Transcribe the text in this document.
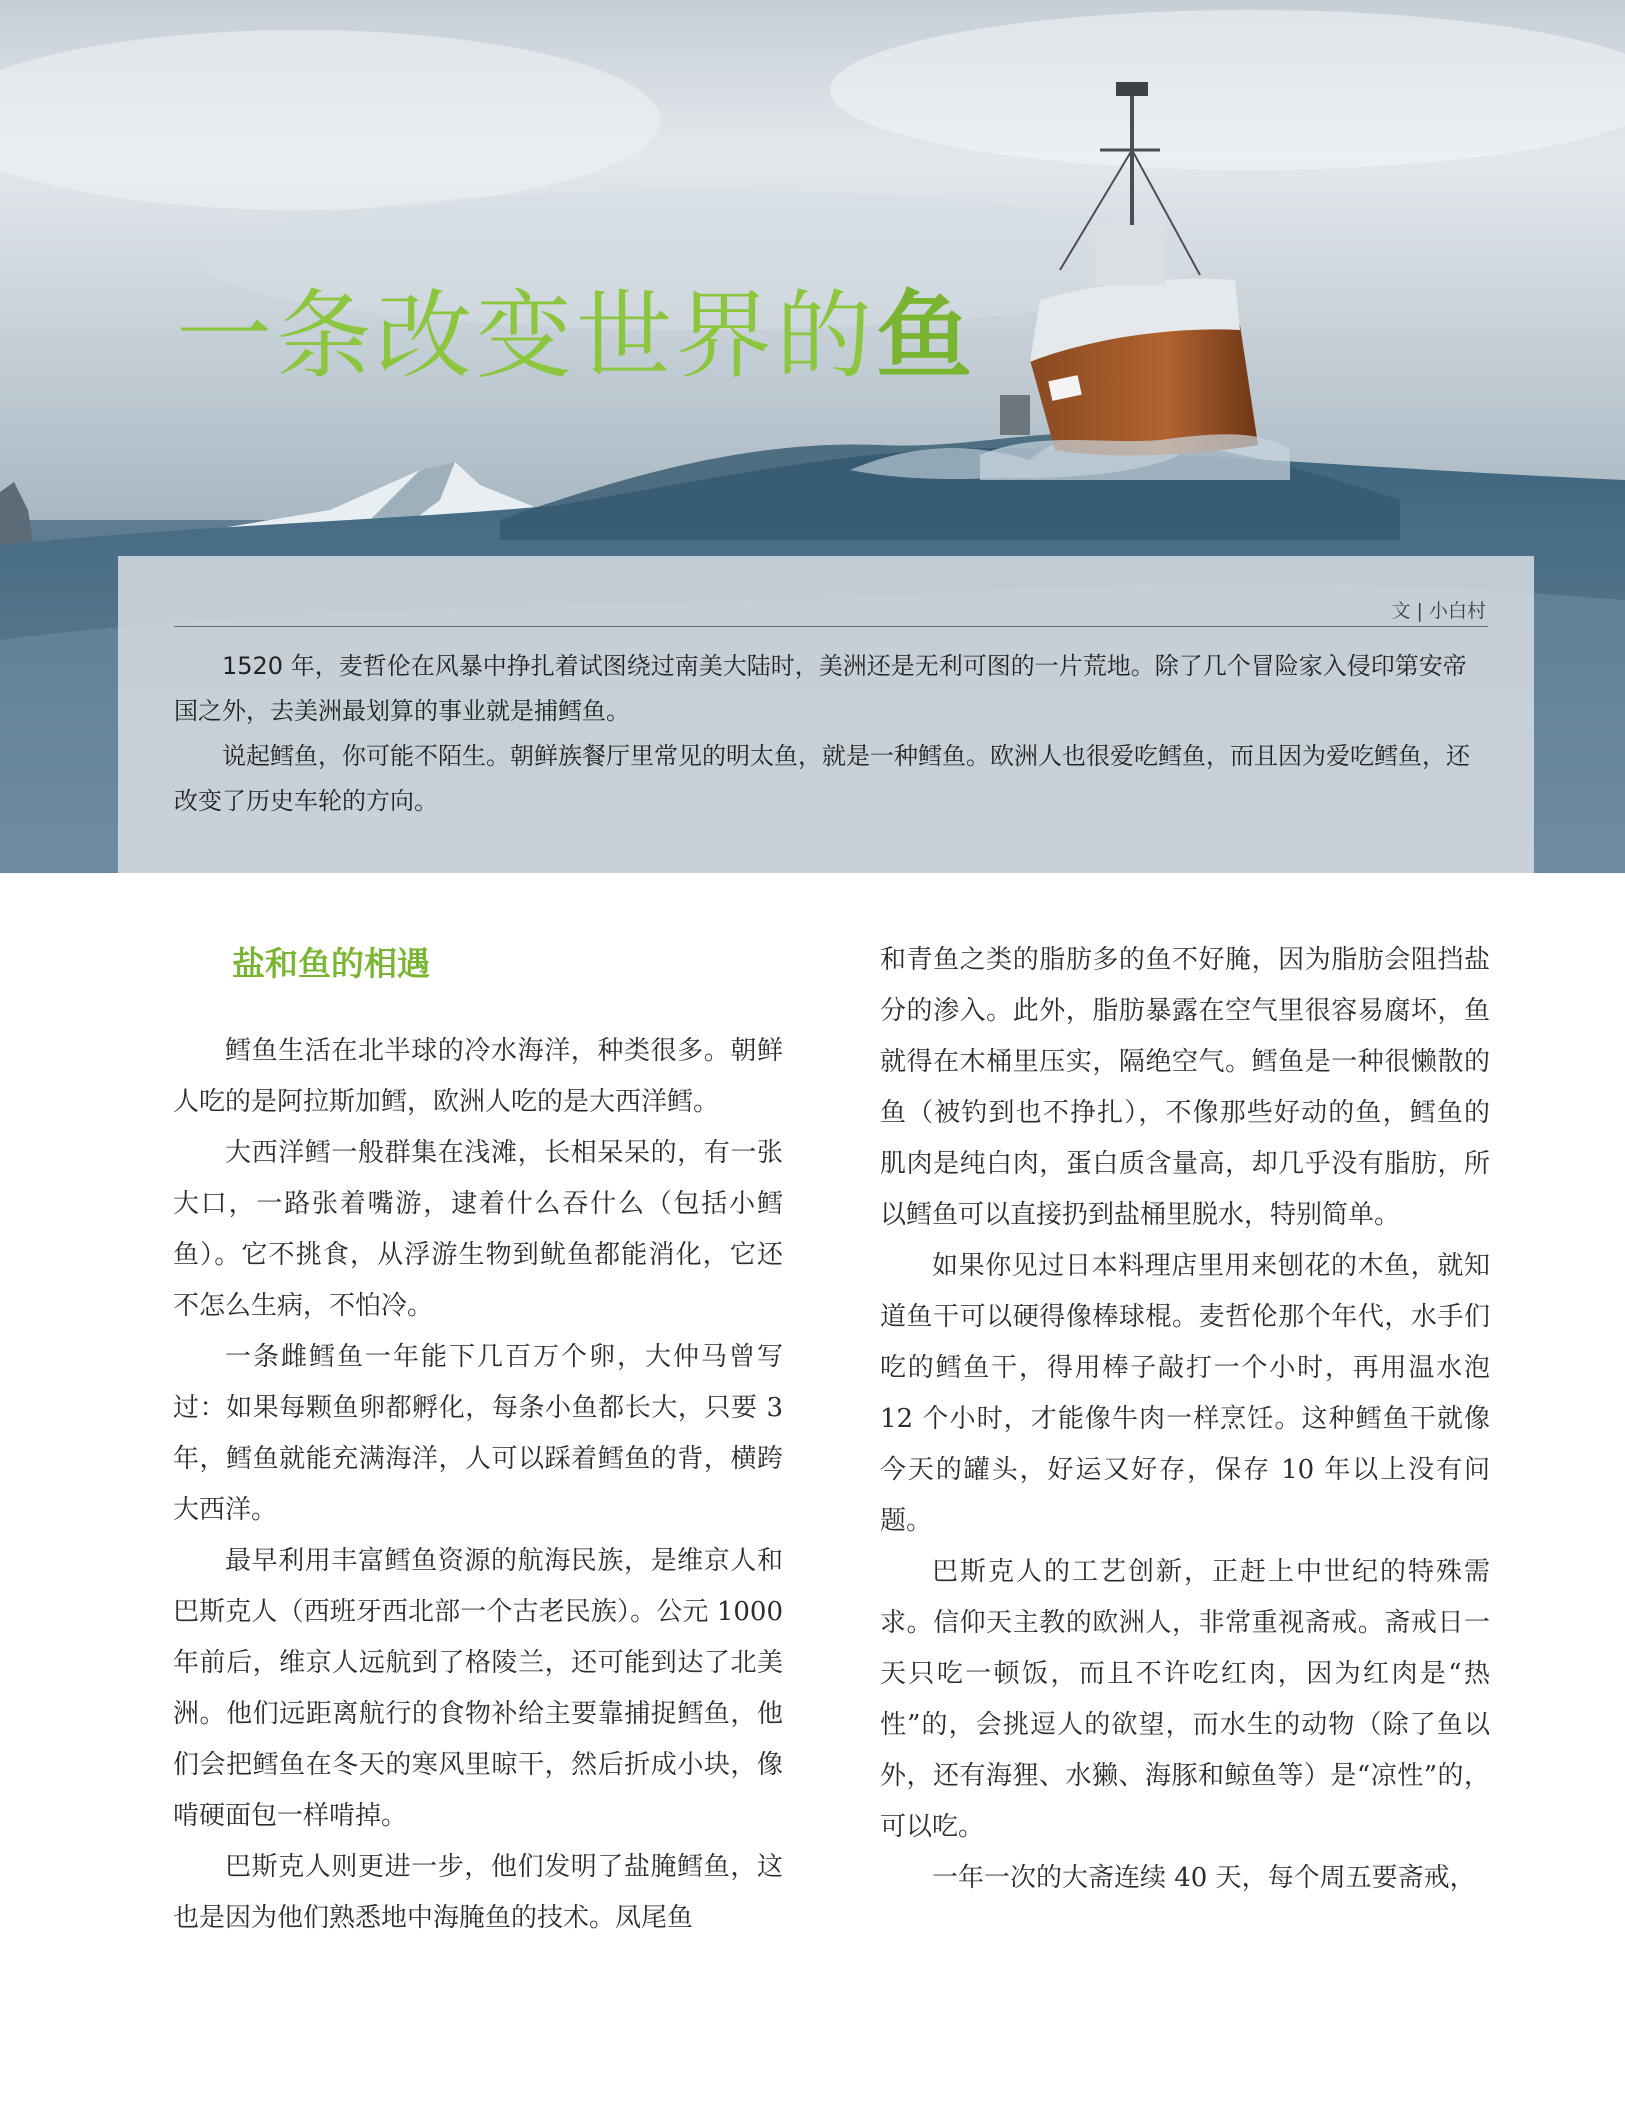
一条改变世界的鱼

文 | 小白村

1520 年，麦哲伦在风暴中挣扎着试图绕过南美大陆时，美洲还是无利可图的一片荒地。除了几个冒险家入侵印第安帝国之外，去美洲最划算的事业就是捕鳕鱼。

说起鳕鱼，你可能不陌生。朝鲜族餐厅里常见的明太鱼，就是一种鳕鱼。欧洲人也很爱吃鳕鱼，而且因为爱吃鳕鱼，还改变了历史车轮的方向。

盐和鱼的相遇

鳕鱼生活在北半球的冷水海洋，种类很多。朝鲜人吃的是阿拉斯加鳕，欧洲人吃的是大西洋鳕。

大西洋鳕一般群集在浅滩，长相呆呆的，有一张大口，一路张着嘴游，逮着什么吞什么（包括小鳕鱼）。它不挑食，从浮游生物到鱿鱼都能消化，它还不怎么生病，不怕冷。

一条雌鳕鱼一年能下几百万个卵，大仲马曾写过：如果每颗鱼卵都孵化，每条小鱼都长大，只要 3 年，鳕鱼就能充满海洋，人可以踩着鳕鱼的背，横跨大西洋。

最早利用丰富鳕鱼资源的航海民族，是维京人和巴斯克人（西班牙西北部一个古老民族）。公元 1000 年前后，维京人远航到了格陵兰，还可能到达了北美洲。他们远距离航行的食物补给主要靠捕捉鳕鱼，他们会把鳕鱼在冬天的寒风里晾干，然后折成小块，像啃硬面包一样啃掉。

巴斯克人则更进一步，他们发明了盐腌鳕鱼，这也是因为他们熟悉地中海腌鱼的技术。凤尾鱼

和青鱼之类的脂肪多的鱼不好腌，因为脂肪会阻挡盐分的渗入。此外，脂肪暴露在空气里很容易腐坏，鱼就得在木桶里压实，隔绝空气。鳕鱼是一种很懒散的鱼（被钓到也不挣扎），不像那些好动的鱼，鳕鱼的肌肉是纯白肉，蛋白质含量高，却几乎没有脂肪，所以鳕鱼可以直接扔到盐桶里脱水，特别简单。

如果你见过日本料理店里用来刨花的木鱼，就知道鱼干可以硬得像棒球棍。麦哲伦那个年代，水手们吃的鳕鱼干，得用棒子敲打一个小时，再用温水泡 12 个小时，才能像牛肉一样烹饪。这种鳕鱼干就像今天的罐头，好运又好存，保存 10 年以上没有问题。

巴斯克人的工艺创新，正赶上中世纪的特殊需求。信仰天主教的欧洲人，非常重视斋戒。斋戒日一天只吃一顿饭，而且不许吃红肉，因为红肉是“热性”的，会挑逗人的欲望，而水生的动物（除了鱼以外，还有海狸、水獭、海豚和鲸鱼等）是“凉性”的，可以吃。

一年一次的大斋连续 40 天，每个周五要斋戒，
